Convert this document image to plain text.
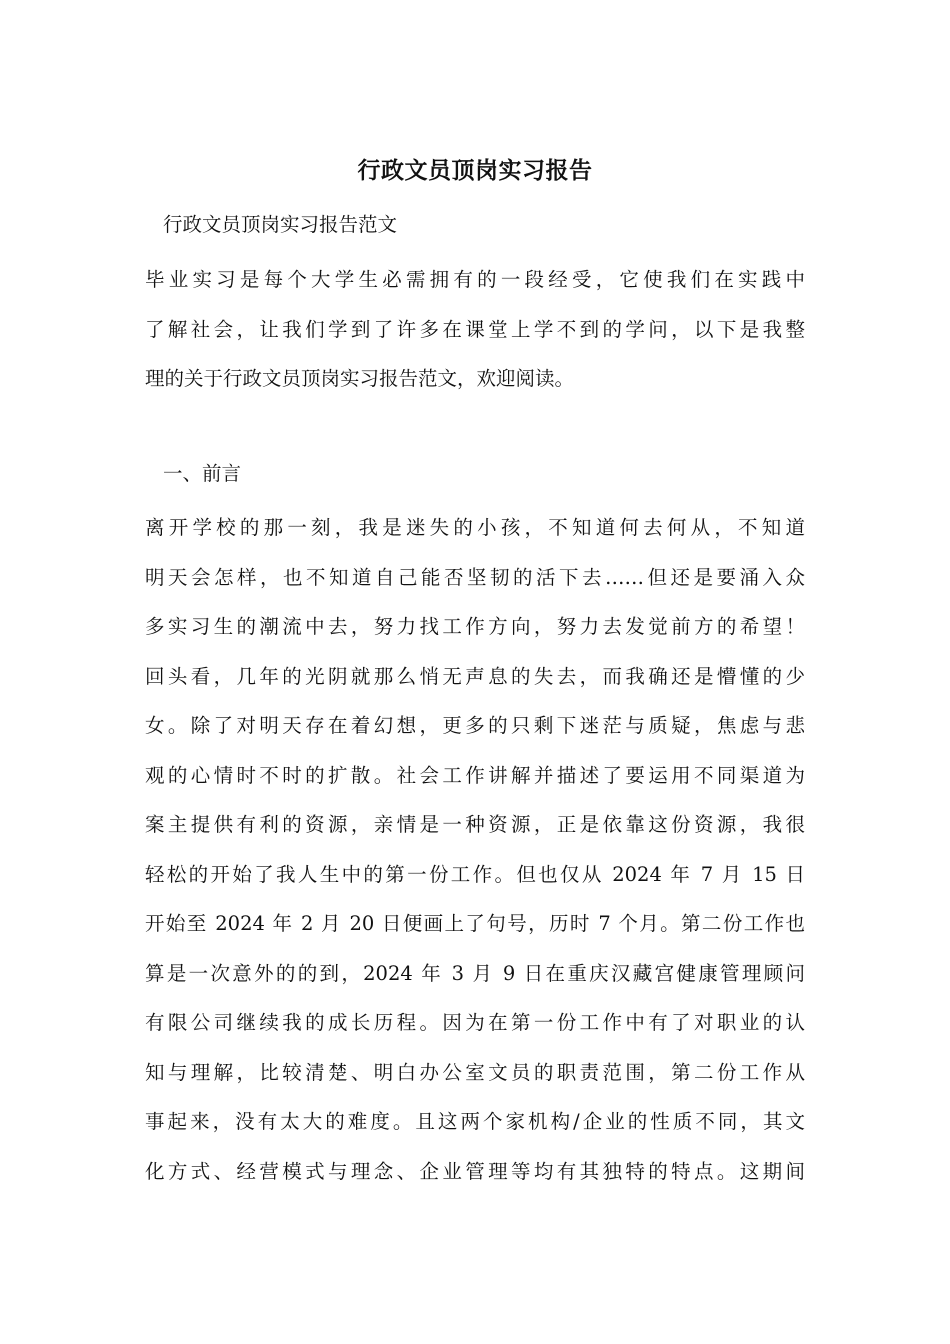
行政文员顶岗实习报告
行政文员顶岗实习报告范文
毕业实习是每个大学生必需拥有的一段经受，它使我们在实践中
了解社会，让我们学到了许多在课堂上学不到的学问，以下是我整
理的关于行政文员顶岗实习报告范文，欢迎阅读。
一、前言
离开学校的那一刻，我是迷失的小孩，不知道何去何从，不知道
明天会怎样，也不知道自己能否坚韧的活下去……但还是要涌入众
多实习生的潮流中去，努力找工作方向，努力去发觉前方的希望！
回头看，几年的光阴就那么悄无声息的失去，而我确还是懵懂的少
女。除了对明天存在着幻想，更多的只剩下迷茫与质疑，焦虑与悲
观的心情时不时的扩散。社会工作讲解并描述了要运用不同渠道为
案主提供有利的资源，亲情是一种资源，正是依靠这份资源，我很
轻松的开始了我人生中的第一份工作。但也仅从 2024 年 7 月 15 日
开始至 2024 年 2 月 20 日便画上了句号，历时 7 个月。第二份工作也
算是一次意外的的到，2024 年 3 月 9 日在重庆汉藏宫健康管理顾问
有限公司继续我的成长历程。因为在第一份工作中有了对职业的认
知与理解，比较清楚、明白办公室文员的职责范围，第二份工作从
事起来，没有太大的难度。且这两个家机构/企业的性质不同，其文
化方式、经营模式与理念、企业管理等均有其独特的特点。这期间
